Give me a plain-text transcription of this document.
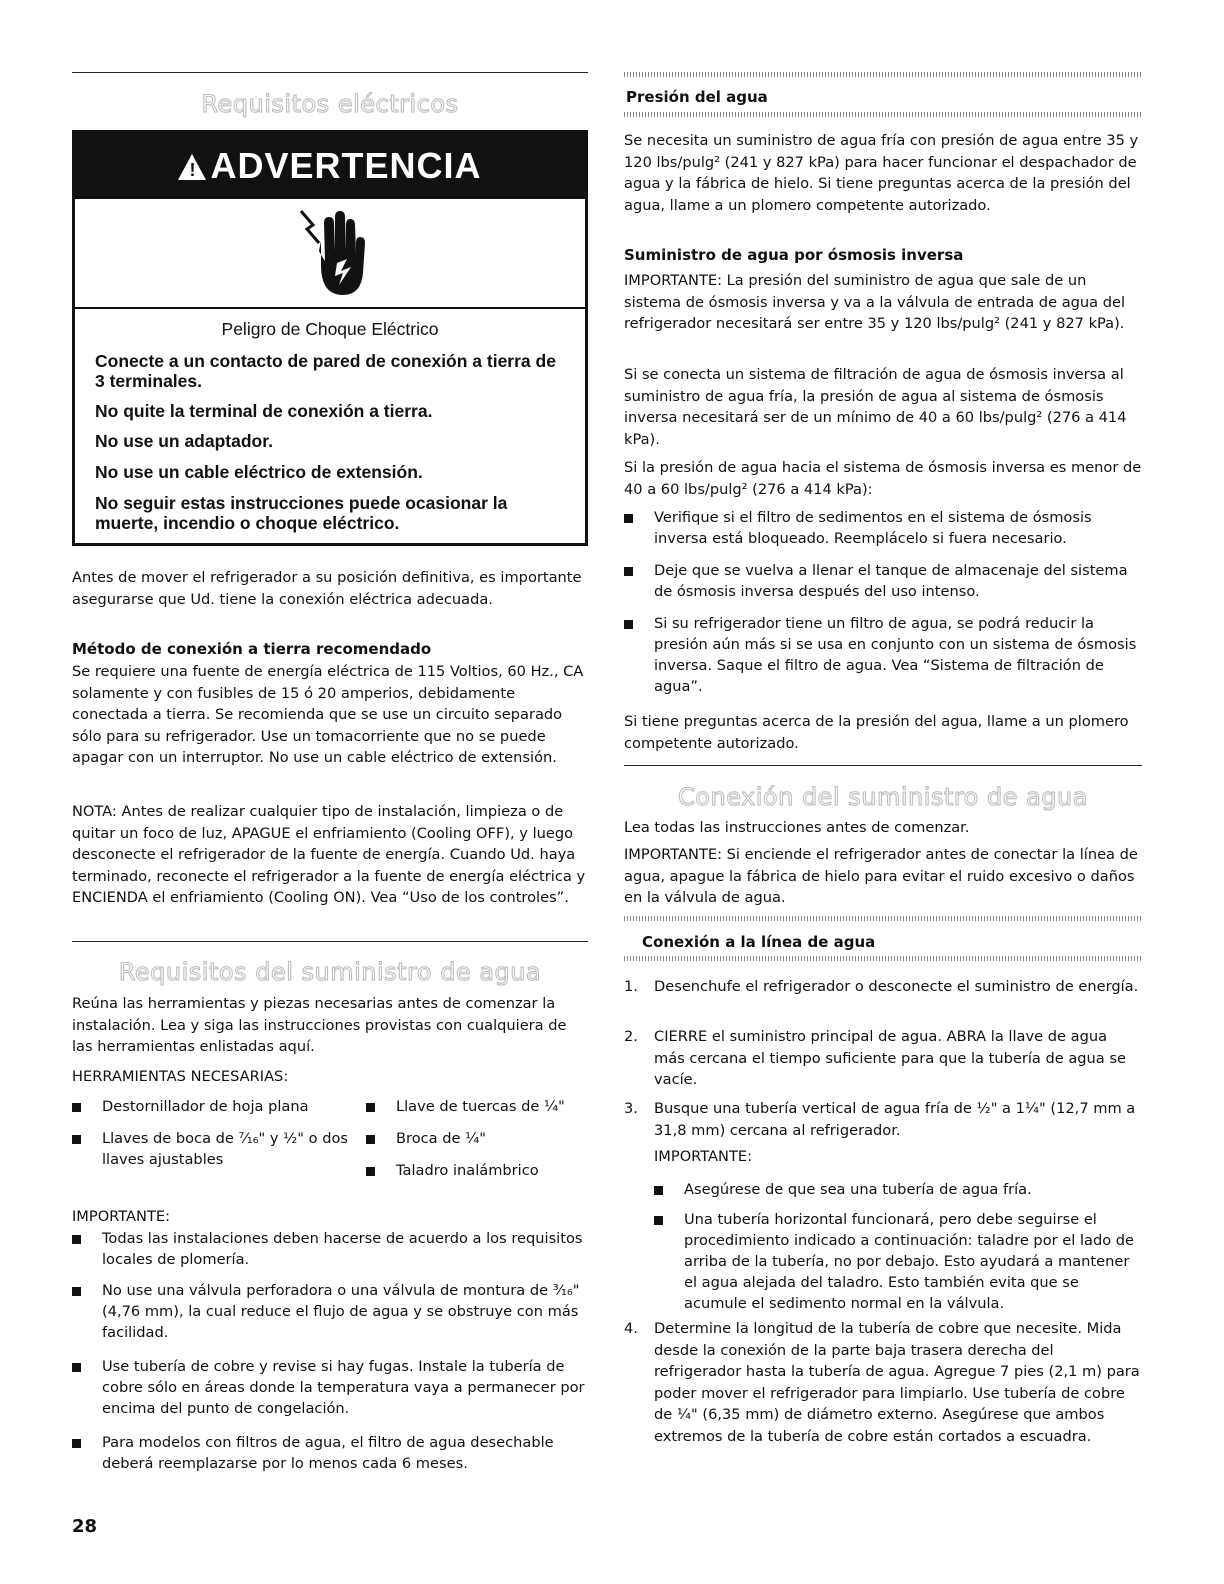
Requisitos eléctricos
! ADVERTENCIA
Peligro de Choque Eléctrico
Conecte a un contacto de pared de conexión a tierra de 3 terminales.
No quite la terminal de conexión a tierra.
No use un adaptador.
No use un cable eléctrico de extensión.
No seguir estas instrucciones puede ocasionar la muerte, incendio o choque eléctrico.

Antes de mover el refrigerador a su posición definitiva, es importante asegurarse que Ud. tiene la conexión eléctrica adecuada.

Método de conexión a tierra recomendado

Se requiere una fuente de energía eléctrica de 115 Voltios, 60 Hz., CA solamente y con fusibles de 15 ó 20 amperios, debidamente conectada a tierra. Se recomienda que se use un circuito separado sólo para su refrigerador. Use un tomacorriente que no se puede apagar con un interruptor. No use un cable eléctrico de extensión.

NOTA: Antes de realizar cualquier tipo de instalación, limpieza o de quitar un foco de luz, APAGUE el enfriamiento (Cooling OFF), y luego desconecte el refrigerador de la fuente de energía. Cuando Ud. haya terminado, reconecte el refrigerador a la fuente de energía eléctrica y ENCIENDA el enfriamiento (Cooling ON). Vea “Uso de los controles”.

Requisitos del suministro de agua

Reúna las herramientas y piezas necesarias antes de comenzar la instalación. Lea y siga las instrucciones provistas con cualquiera de las herramientas enlistadas aquí.

HERRAMIENTAS NECESARIAS:
Destornillador de hoja plana
Llaves de boca de ⁷⁄₁₆" y ½" o dos llaves ajustables
Llave de tuercas de ¼"
Broca de ¼"
Taladro inalámbrico
IMPORTANTE:
Todas las instalaciones deben hacerse de acuerdo a los requisitos locales de plomería.
No use una válvula perforadora o una válvula de montura de ³⁄₁₆" (4,76 mm), la cual reduce el flujo de agua y se obstruye con más facilidad.
Use tubería de cobre y revise si hay fugas. Instale la tubería de cobre sólo en áreas donde la temperatura vaya a permanecer por encima del punto de congelación.
Para modelos con filtros de agua, el filtro de agua desechable deberá reemplazarse por lo menos cada 6 meses.
28
Presión del agua

Se necesita un suministro de agua fría con presión de agua entre 35 y 120 lbs/pulg² (241 y 827 kPa) para hacer funcionar el despachador de agua y la fábrica de hielo. Si tiene preguntas acerca de la presión del agua, llame a un plomero competente autorizado.

Suministro de agua por ósmosis inversa

IMPORTANTE: La presión del suministro de agua que sale de un sistema de ósmosis inversa y va a la válvula de entrada de agua del refrigerador necesitará ser entre 35 y 120 lbs/pulg² (241 y 827 kPa).

Si se conecta un sistema de filtración de agua de ósmosis inversa al suministro de agua fría, la presión de agua al sistema de ósmosis inversa necesitará ser de un mínimo de 40 a 60 lbs/pulg² (276 a 414 kPa).

Si la presión de agua hacia el sistema de ósmosis inversa es menor de 40 a 60 lbs/pulg² (276 a 414 kPa):

Verifique si el filtro de sedimentos en el sistema de ósmosis inversa está bloqueado. Reemplácelo si fuera necesario.
Deje que se vuelva a llenar el tanque de almacenaje del sistema de ósmosis inversa después del uso intenso.
Si su refrigerador tiene un filtro de agua, se podrá reducir la presión aún más si se usa en conjunto con un sistema de ósmosis inversa. Saque el filtro de agua. Vea “Sistema de filtración de agua”.

Si tiene preguntas acerca de la presión del agua, llame a un plomero competente autorizado.

Conexión del suministro de agua

Lea todas las instrucciones antes de comenzar.

IMPORTANTE: Si enciende el refrigerador antes de conectar la línea de agua, apague la fábrica de hielo para evitar el ruido excesivo o daños en la válvula de agua.

Conexión a la línea de agua
1. Desenchufe el refrigerador o desconecte el suministro de energía.
2. CIERRE el suministro principal de agua. ABRA la llave de agua más cercana el tiempo suficiente para que la tubería de agua se vacíe.
3. Busque una tubería vertical de agua fría de ½" a 1¼" (12,7 mm a 31,8 mm) cercana al refrigerador.
IMPORTANTE:
Asegúrese de que sea una tubería de agua fría.
Una tubería horizontal funcionará, pero debe seguirse el procedimiento indicado a continuación: taladre por el lado de arriba de la tubería, no por debajo. Esto ayudará a mantener el agua alejada del taladro. Esto también evita que se acumule el sedimento normal en la válvula.
4. Determine la longitud de la tubería de cobre que necesite. Mida desde la conexión de la parte baja trasera derecha del refrigerador hasta la tubería de agua. Agregue 7 pies (2,1 m) para poder mover el refrigerador para limpiarlo. Use tubería de cobre de ¼" (6,35 mm) de diámetro externo. Asegúrese que ambos extremos de la tubería de cobre están cortados a escuadra.
